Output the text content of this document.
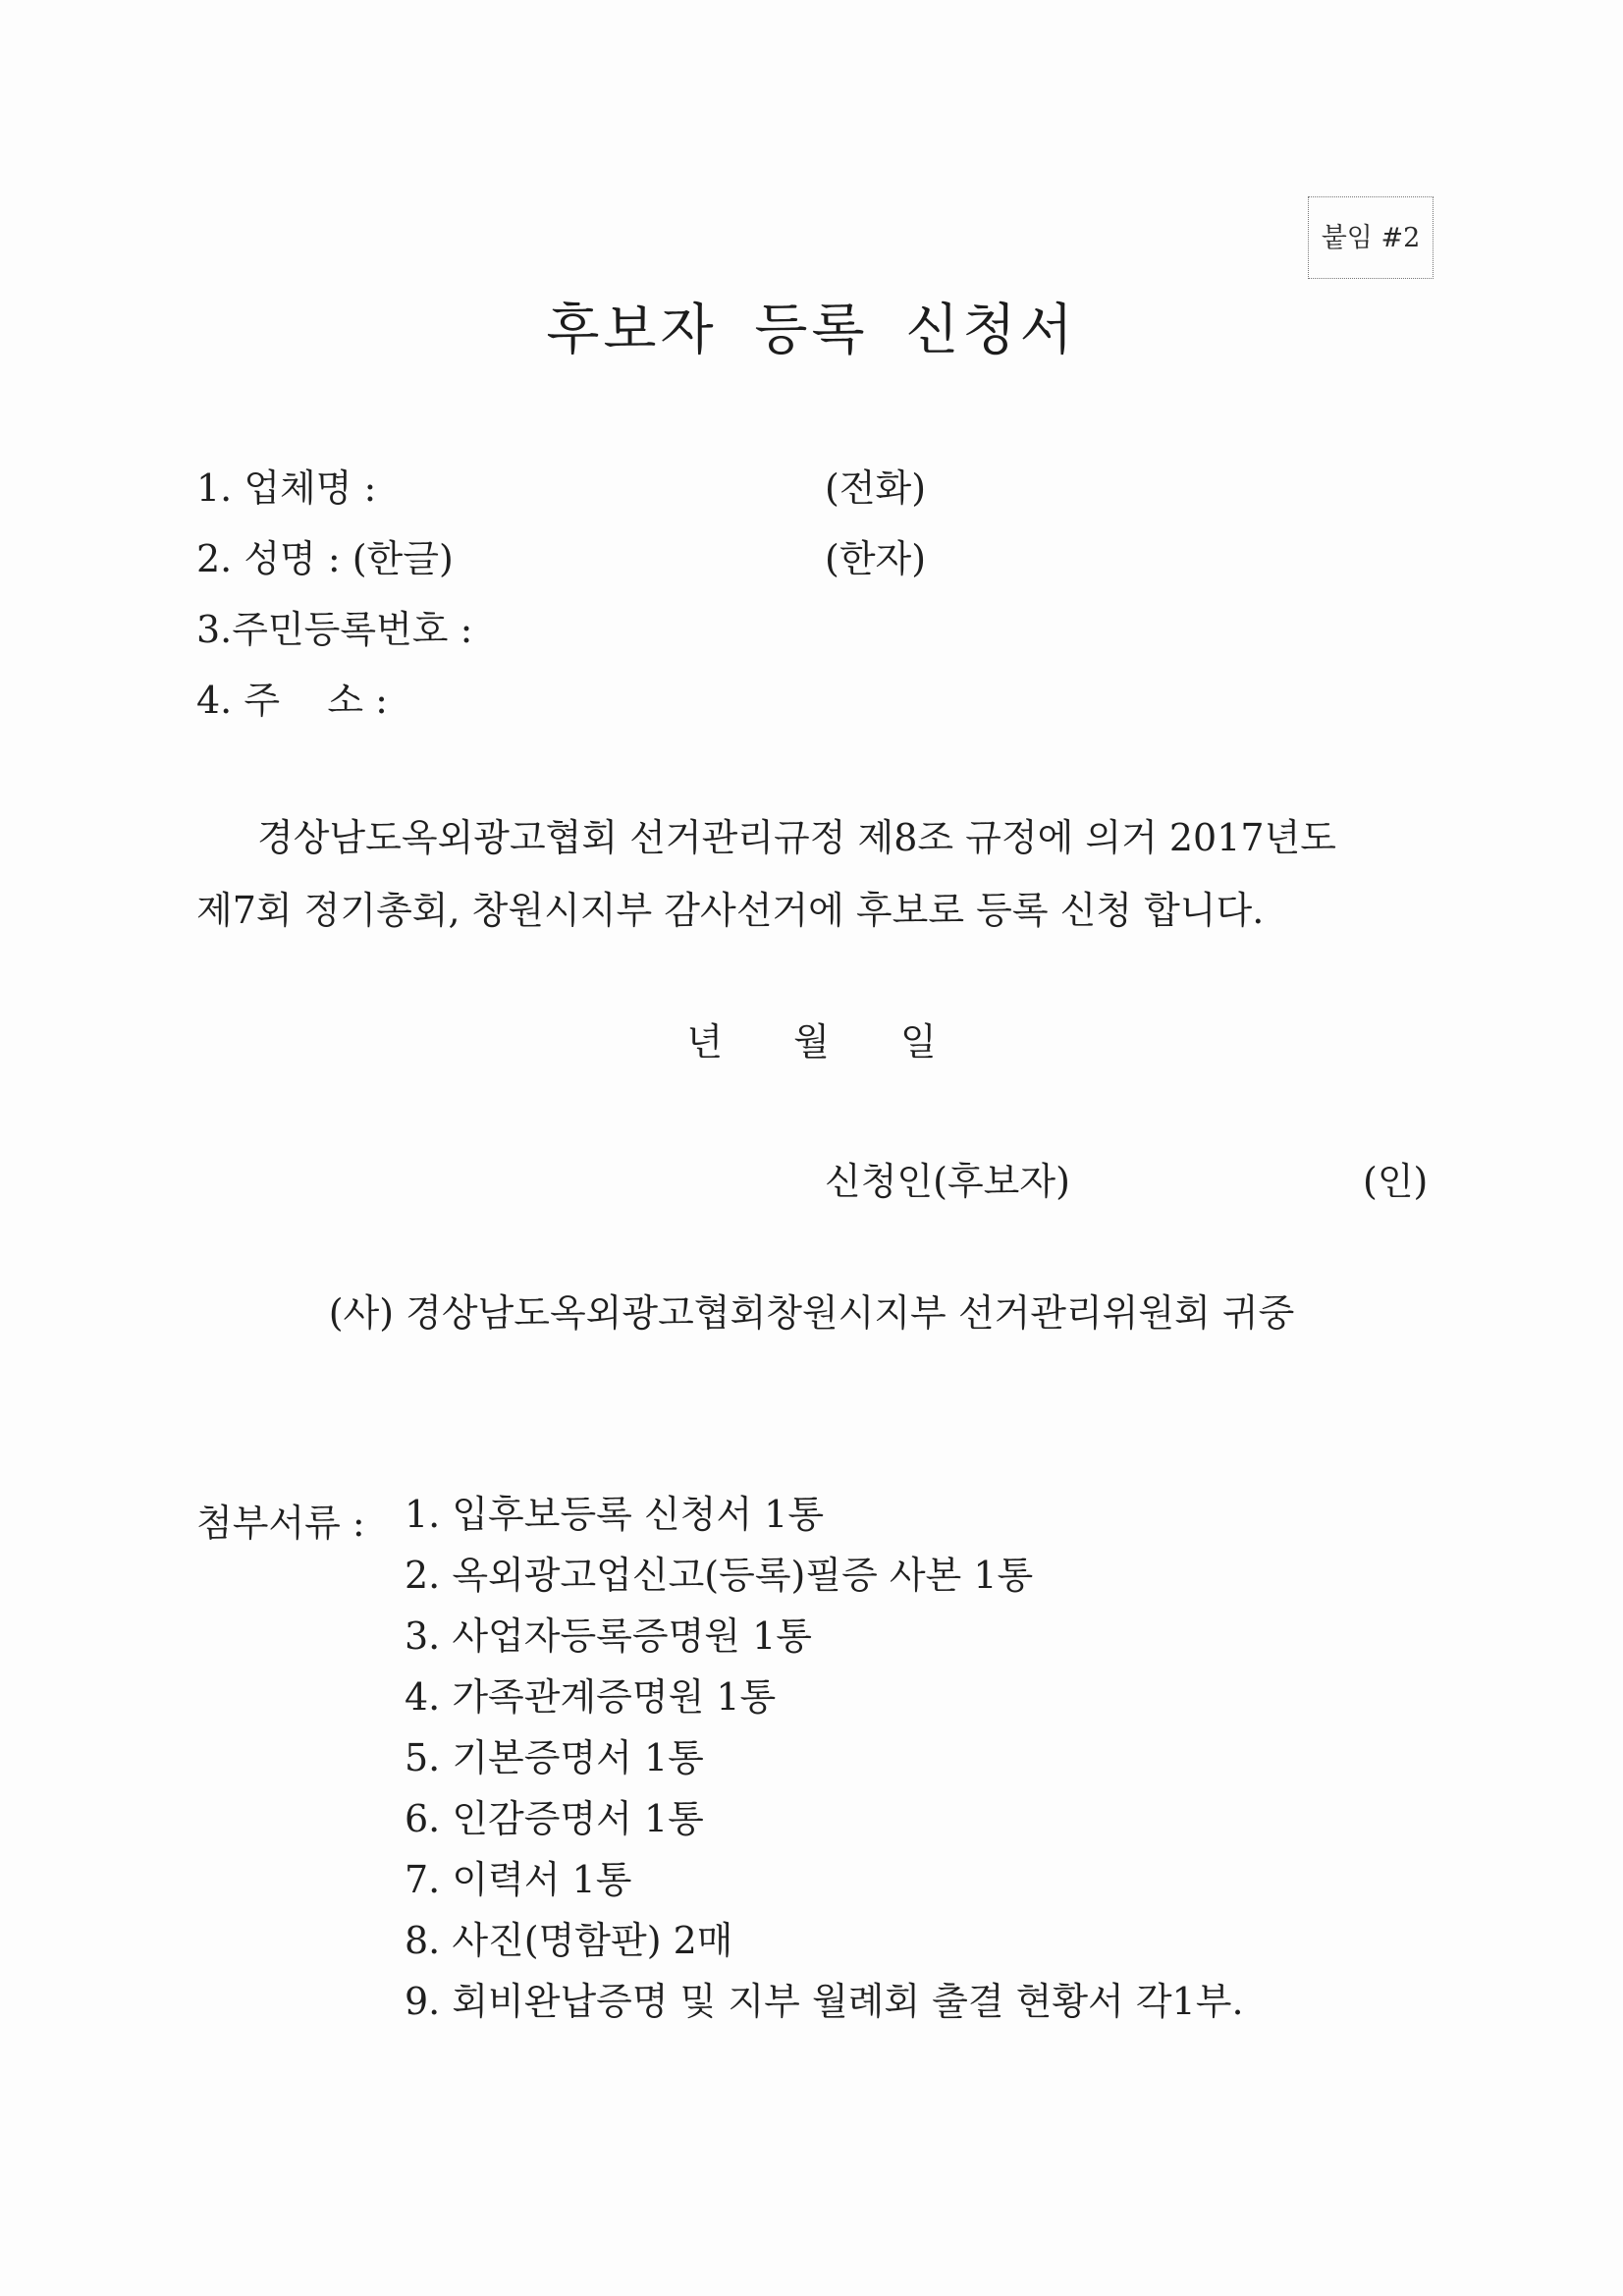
붙임 #2
후보자 등록 신청서
1. 업체명 :	(전화)
2. 성명 : (한글)	(한자)
3.주민등록번호 :
4. 주    소 :
경상남도옥외광고협회 선거관리규정 제8조 규정에 의거 2017년도
제7회 정기총회, 창원시지부 감사선거에 후보로 등록 신청 합니다.
년 월 일
신청인(후보자)	(인)
(사) 경상남도옥외광고협회창원시지부 선거관리위원회 귀중
첨부서류 : 1. 입후보등록 신청서 1통
2. 옥외광고업신고(등록)필증 사본 1통
3. 사업자등록증명원 1통
4. 가족관계증명원 1통
5. 기본증명서 1통
6. 인감증명서 1통
7. 이력서 1통
8. 사진(명함판) 2매
9. 회비완납증명 및 지부 월례회 출결 현황서 각1부.
